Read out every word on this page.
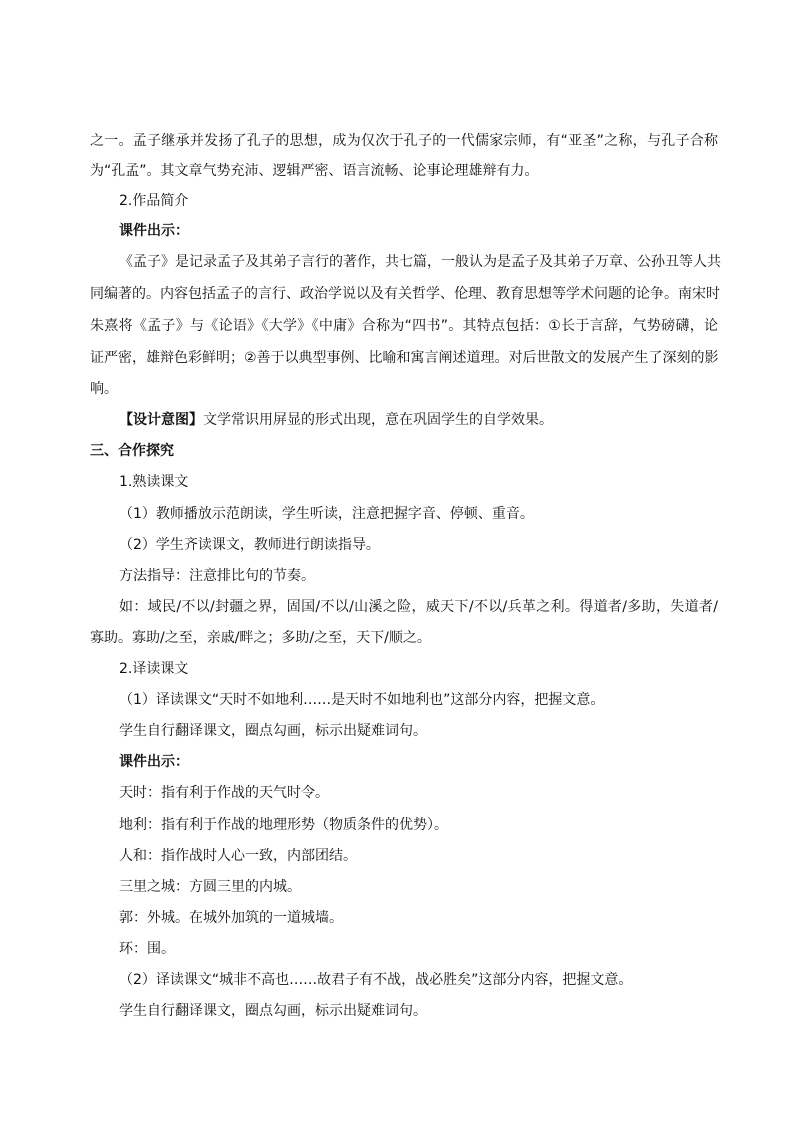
之一。孟子继承并发扬了孔子的思想，成为仅次于孔子的一代儒家宗师，有“亚圣”之称，与孔子合称
为“孔孟”。其文章气势充沛、逻辑严密、语言流畅、论事论理雄辩有力。
2.作品简介
课件出示：
《孟子》是记录孟子及其弟子言行的著作，共七篇，一般认为是孟子及其弟子万章、公孙丑等人共
同编著的。内容包括孟子的言行、政治学说以及有关哲学、伦理、教育思想等学术问题的论争。南宋时
朱熹将《孟子》与《论语》《大学》《中庸》合称为“四书”。其特点包括：①长于言辞，气势磅礴，论
证严密，雄辩色彩鲜明；②善于以典型事例、比喻和寓言阐述道理。对后世散文的发展产生了深刻的影
响。
【设计意图】文学常识用屏显的形式出现，意在巩固学生的自学效果。
三、合作探究
1.熟读课文
（1）教师播放示范朗读，学生听读，注意把握字音、停顿、重音。
（2）学生齐读课文，教师进行朗读指导。
方法指导：注意排比句的节奏。
如：域民/不以/封疆之界，固国/不以/山溪之险，威天下/不以/兵革之利。得道者/多助，失道者/
寡助。寡助/之至，亲戚/畔之；多助/之至，天下/顺之。
2.译读课文
（1）译读课文“天时不如地利……是天时不如地利也”这部分内容，把握文意。
学生自行翻译课文，圈点勾画，标示出疑难词句。
课件出示：
天时：指有利于作战的天气时令。
地利：指有利于作战的地理形势（物质条件的优势）。
人和：指作战时人心一致，内部团结。
三里之城：方圆三里的内城。
郭：外城。在城外加筑的一道城墙。
环：围。
（2）译读课文“城非不高也……故君子有不战，战必胜矣”这部分内容，把握文意。
学生自行翻译课文，圈点勾画，标示出疑难词句。
